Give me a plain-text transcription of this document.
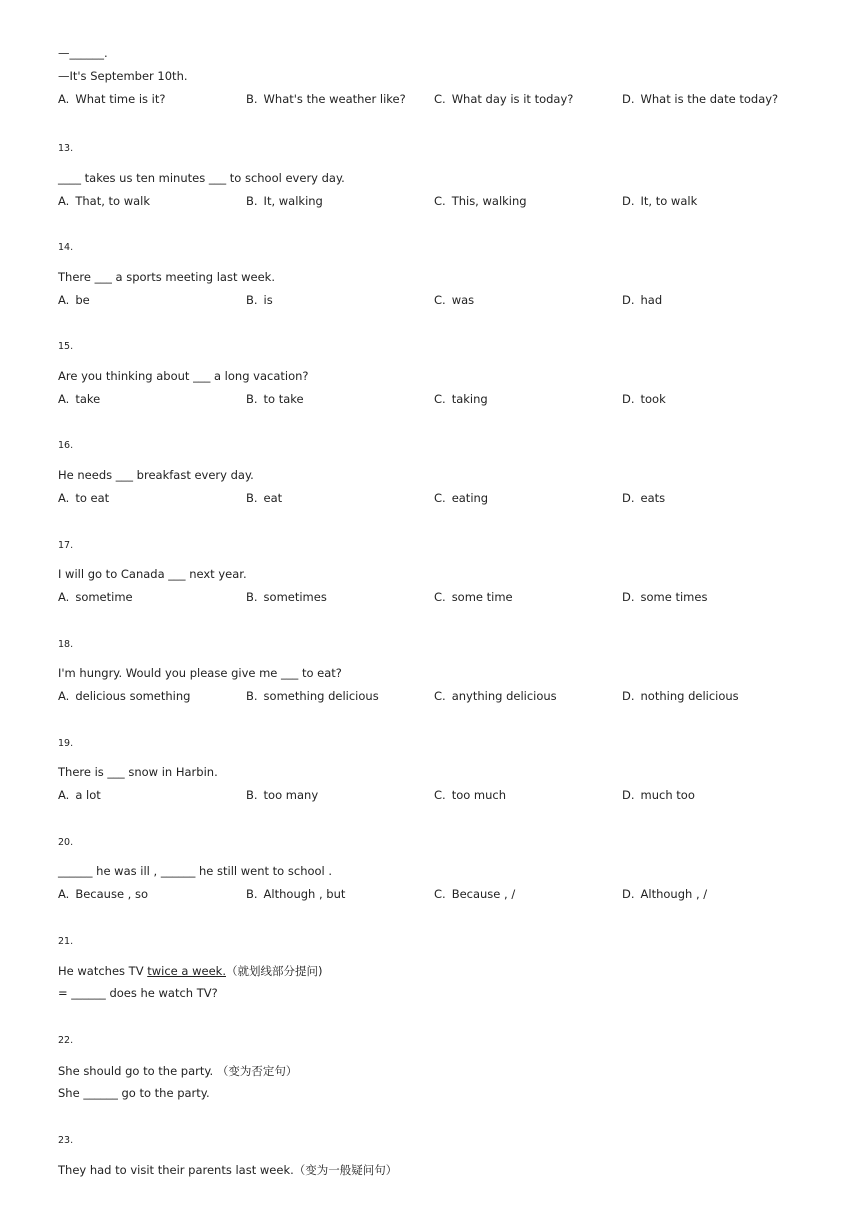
—______.
—It's September 10th.
A. What time is it?	B. What's the weather like?	C. What day is it today?	D. What is the date today?
13.
____ takes us ten minutes ___ to school every day.
A. That, to walk	B. It, walking	C. This, walking	D. It, to walk
14.
There ___ a sports meeting last week.
A. be	B. is	C. was	D. had
15.
Are you thinking about ___ a long vacation?
A. take	B. to take	C. taking	D. took
16.
He needs ___ breakfast every day.
A. to eat	B. eat	C. eating	D. eats
17.
I will go to Canada ___ next year.
A. sometime	B. sometimes	C. some time	D. some times
18.
I'm hungry. Would you please give me ___ to eat?
A. delicious something	B. something delicious	C. anything delicious	D. nothing delicious
19.
There is ___ snow in Harbin.
A. a lot	B. too many	C. too much	D. much too
20.
______ he was ill , ______ he still went to school .
A. Because , so	B. Although , but	C. Because , /	D. Although , /
21.
He watches TV twice a week.（就划线部分提问)
= ______ does he watch TV?
22.
She should go to the party. （变为否定句）
She ______ go to the party.
23.
They had to visit their parents last week.（变为一般疑问句）
